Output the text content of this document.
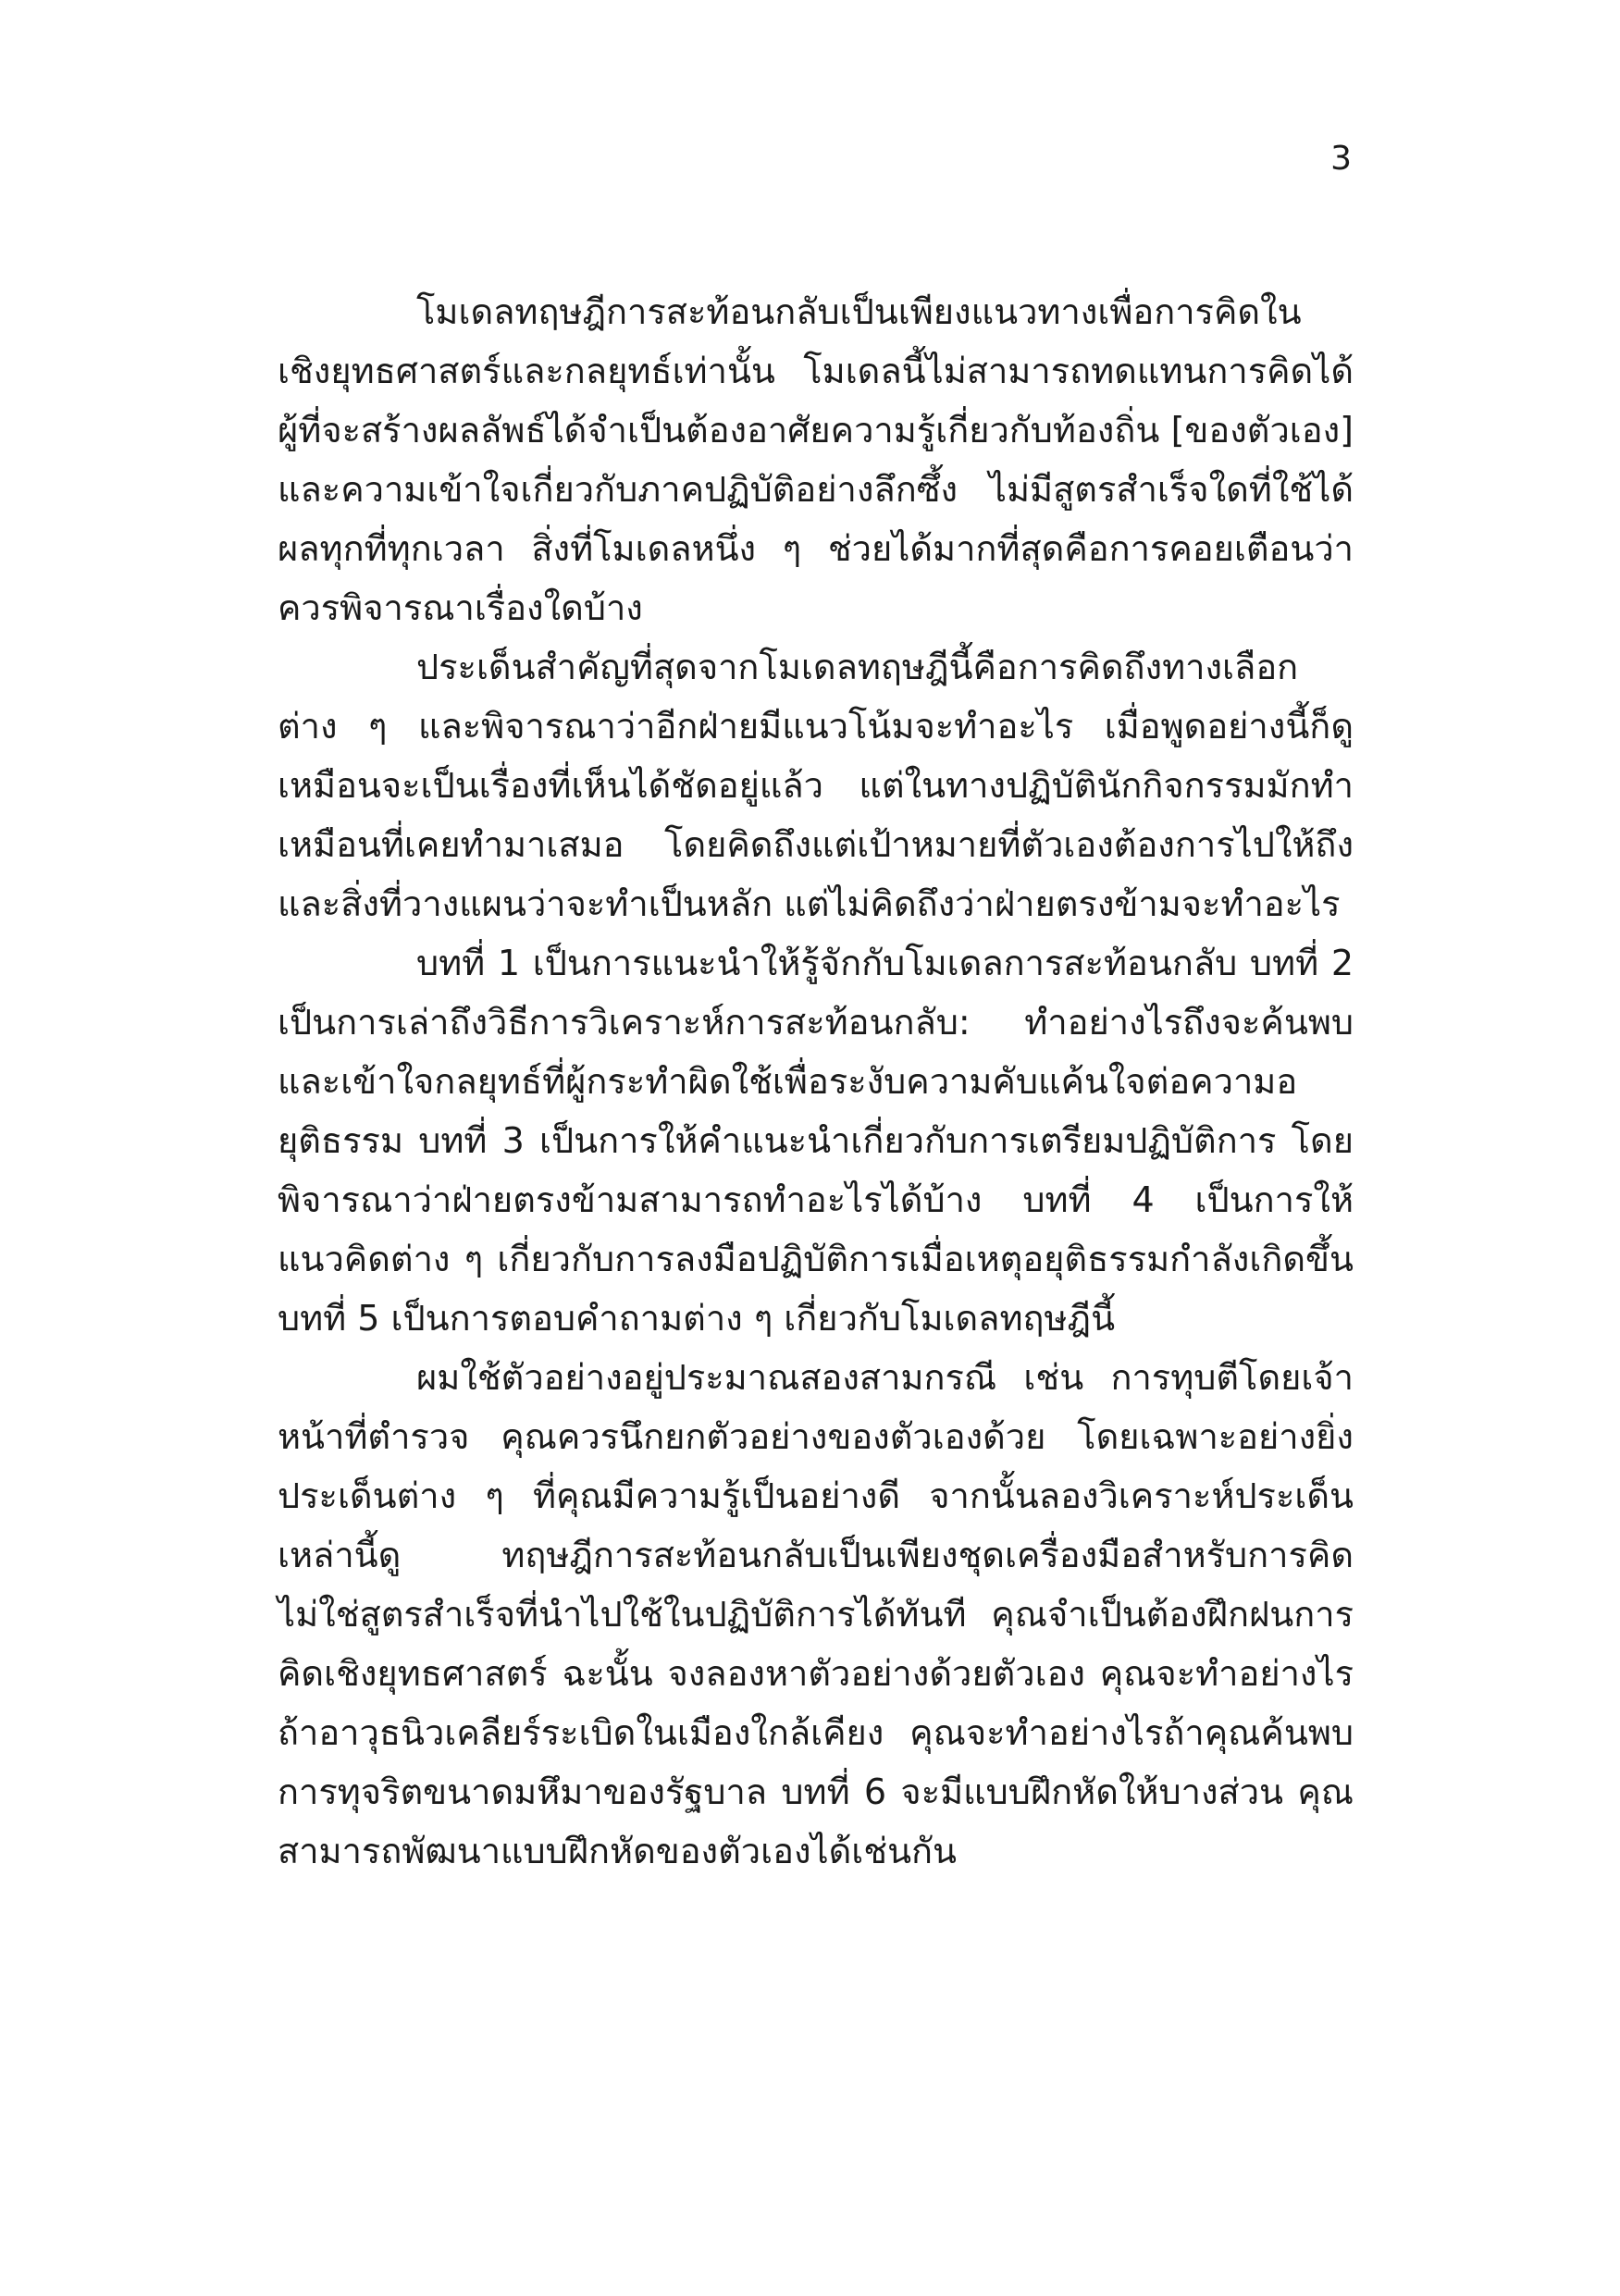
3

โมเดลทฤษฎีการสะท้อนกลับเป็นเพียงแนวทางเพื่อการคิดในเชิงยุทธศาสตร์และกลยุทธ์เท่านั้น โมเดลนี้ไม่สามารถทดแทนการคิดได้ ผู้ที่จะสร้างผลลัพธ์ได้จำเป็นต้องอาศัยความรู้เกี่ยวกับท้องถิ่น [ของตัวเอง] และความเข้าใจเกี่ยวกับภาคปฏิบัติอย่างลึกซึ้ง ไม่มีสูตรสำเร็จใดที่ใช้ได้ผลทุกที่ทุกเวลา สิ่งที่โมเดลหนึ่ง ๆ ช่วยได้มากที่สุดคือการคอยเตือนว่าควรพิจารณาเรื่องใดบ้าง

ประเด็นสำคัญที่สุดจากโมเดลทฤษฎีนี้คือการคิดถึงทางเลือกต่าง ๆ และพิจารณาว่าอีกฝ่ายมีแนวโน้มจะทำอะไร เมื่อพูดอย่างนี้ก็ดูเหมือนจะเป็นเรื่องที่เห็นได้ชัดอยู่แล้ว แต่ในทางปฏิบัตินักกิจกรรมมักทำเหมือนที่เคยทำมาเสมอ โดยคิดถึงแต่เป้าหมายที่ตัวเองต้องการไปให้ถึงและสิ่งที่วางแผนว่าจะทำเป็นหลัก แต่ไม่คิดถึงว่าฝ่ายตรงข้ามจะทำอะไร

บทที่ 1 เป็นการแนะนำให้รู้จักกับโมเดลการสะท้อนกลับ บทที่ 2 เป็นการเล่าถึงวิธีการวิเคราะห์การสะท้อนกลับ: ทำอย่างไรถึงจะค้นพบและเข้าใจกลยุทธ์ที่ผู้กระทำผิดใช้เพื่อระงับความคับแค้นใจต่อความอยุติธรรม บทที่ 3 เป็นการให้คำแนะนำเกี่ยวกับการเตรียมปฏิบัติการ โดยพิจารณาว่าฝ่ายตรงข้ามสามารถทำอะไรได้บ้าง บทที่ 4 เป็นการให้แนวคิดต่าง ๆ เกี่ยวกับการลงมือปฏิบัติการเมื่อเหตุอยุติธรรมกำลังเกิดขึ้น บทที่ 5 เป็นการตอบคำถามต่าง ๆ เกี่ยวกับโมเดลทฤษฎีนี้

ผมใช้ตัวอย่างอยู่ประมาณสองสามกรณี เช่น การทุบตีโดยเจ้าหน้าที่ตำรวจ คุณควรนึกยกตัวอย่างของตัวเองด้วย โดยเฉพาะอย่างยิ่งประเด็นต่าง ๆ ที่คุณมีความรู้เป็นอย่างดี จากนั้นลองวิเคราะห์ประเด็นเหล่านี้ดู ทฤษฎีการสะท้อนกลับเป็นเพียงชุดเครื่องมือสำหรับการคิด ไม่ใช่สูตรสำเร็จที่นำไปใช้ในปฏิบัติการได้ทันที คุณจำเป็นต้องฝึกฝนการคิดเชิงยุทธศาสตร์ ฉะนั้น จงลองหาตัวอย่างด้วยตัวเอง คุณจะทำอย่างไรถ้าอาวุธนิวเคลียร์ระเบิดในเมืองใกล้เคียง คุณจะทำอย่างไรถ้าคุณค้นพบการทุจริตขนาดมหึมาของรัฐบาล บทที่ 6 จะมีแบบฝึกหัดให้บางส่วน คุณสามารถพัฒนาแบบฝึกหัดของตัวเองได้เช่นกัน
